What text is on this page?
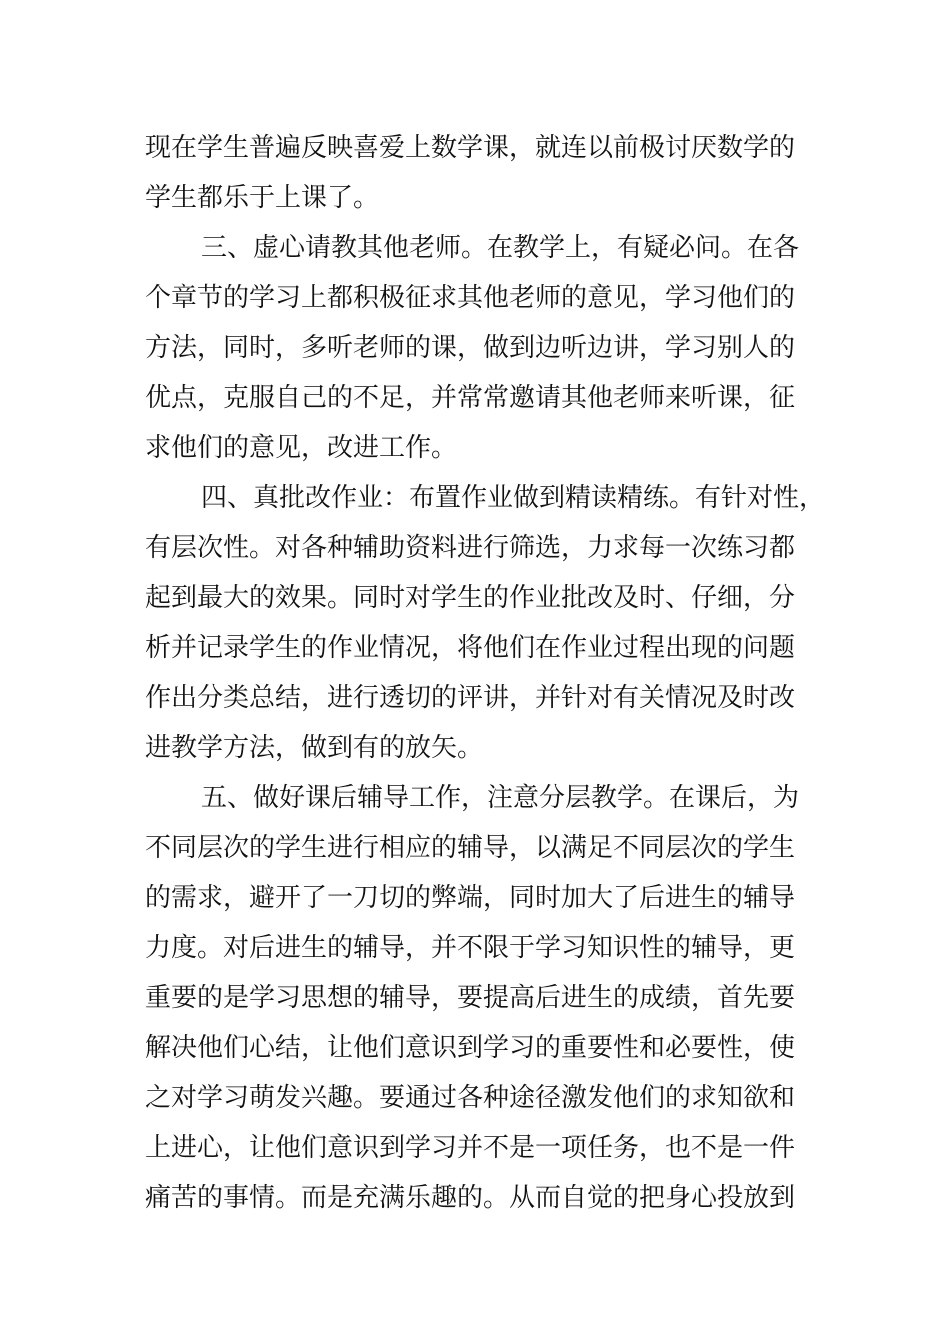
现在学生普遍反映喜爱上数学课，就连以前极讨厌数学的
学生都乐于上课了。
三、虚心请教其他老师。在教学上，有疑必问。在各
个章节的学习上都积极征求其他老师的意见，学习他们的
方法，同时，多听老师的课，做到边听边讲，学习别人的
优点，克服自己的不足，并常常邀请其他老师来听课，征
求他们的意见，改进工作。
四、真批改作业：布置作业做到精读精练。有针对性，
有层次性。对各种辅助资料进行筛选，力求每一次练习都
起到最大的效果。同时对学生的作业批改及时、仔细，分
析并记录学生的作业情况，将他们在作业过程出现的问题
作出分类总结，进行透切的评讲，并针对有关情况及时改
进教学方法，做到有的放矢。
五、做好课后辅导工作，注意分层教学。在课后，为
不同层次的学生进行相应的辅导，以满足不同层次的学生
的需求，避开了一刀切的弊端，同时加大了后进生的辅导
力度。对后进生的辅导，并不限于学习知识性的辅导，更
重要的是学习思想的辅导，要提高后进生的成绩，首先要
解决他们心结，让他们意识到学习的重要性和必要性，使
之对学习萌发兴趣。要通过各种途径激发他们的求知欲和
上进心，让他们意识到学习并不是一项任务，也不是一件
痛苦的事情。而是充满乐趣的。从而自觉的把身心投放到
